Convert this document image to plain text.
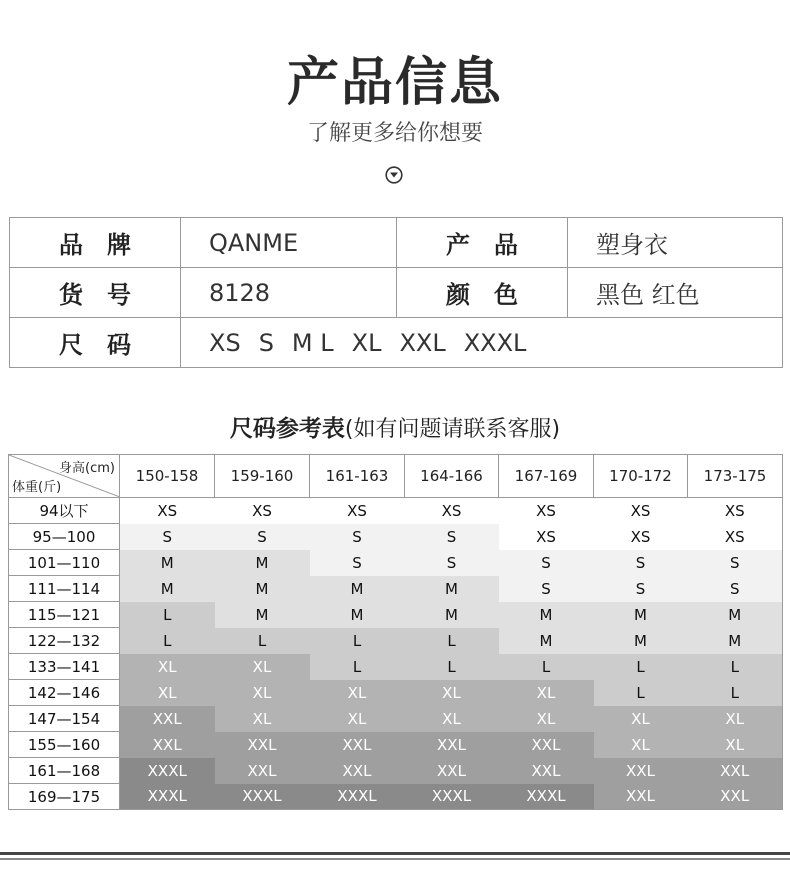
产品信息
了解更多给你想要
品牌	QANME	产品	塑身衣
货号	8128	颜色	黑色 红色
尺码	XS S M L XL XXL XXXL		
尺码参考表(如有问题请联系客服)
身高(cm)
体重(斤)	150-158	159-160	161-163	164-166	167-169	170-172	173-175
94以下	XS	XS	XS	XS	XS	XS	XS
95—100	S	S	S	S	XS	XS	XS
101—110	M	M	S	S	S	S	S
111—114	M	M	M	M	S	S	S
115—121	L	M	M	M	M	M	M
122—132	L	L	L	L	M	M	M
133—141	XL	XL	L	L	L	L	L
142—146	XL	XL	XL	XL	XL	L	L
147—154	XXL	XL	XL	XL	XL	XL	XL
155—160	XXL	XXL	XXL	XXL	XXL	XL	XL
161—168	XXXL	XXL	XXL	XXL	XXL	XXL	XXL
169—175	XXXL	XXXL	XXXL	XXXL	XXXL	XXL	XXL
